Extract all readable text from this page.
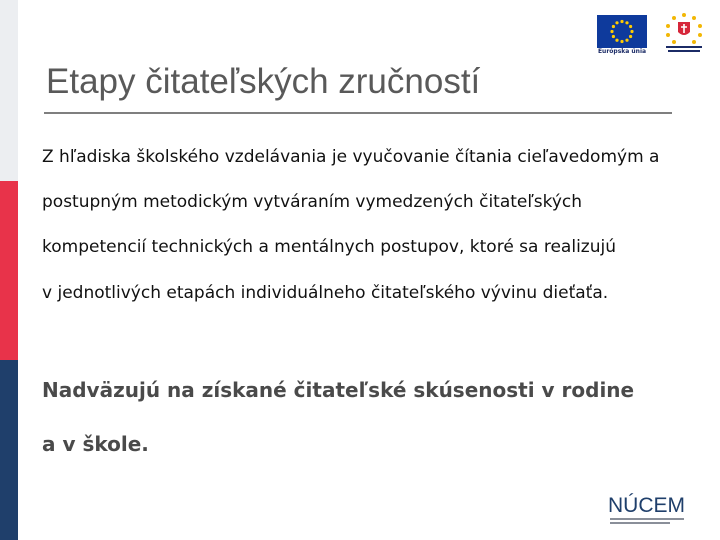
Európska únia
Etapy čitateľských zručností
Z hľadiska školského vzdelávania je vyučovanie čítania cieľavedomým a
postupným metodickým vytváraním vymedzených čitateľských
kompetencií technických a mentálnych postupov, ktoré sa realizujú
v jednotlivých etapách individuálneho čitateľského vývinu dieťaťa.
Nadväzujú na získané čitateľské skúsenosti v rodine
a v škole.
NÚCEM
